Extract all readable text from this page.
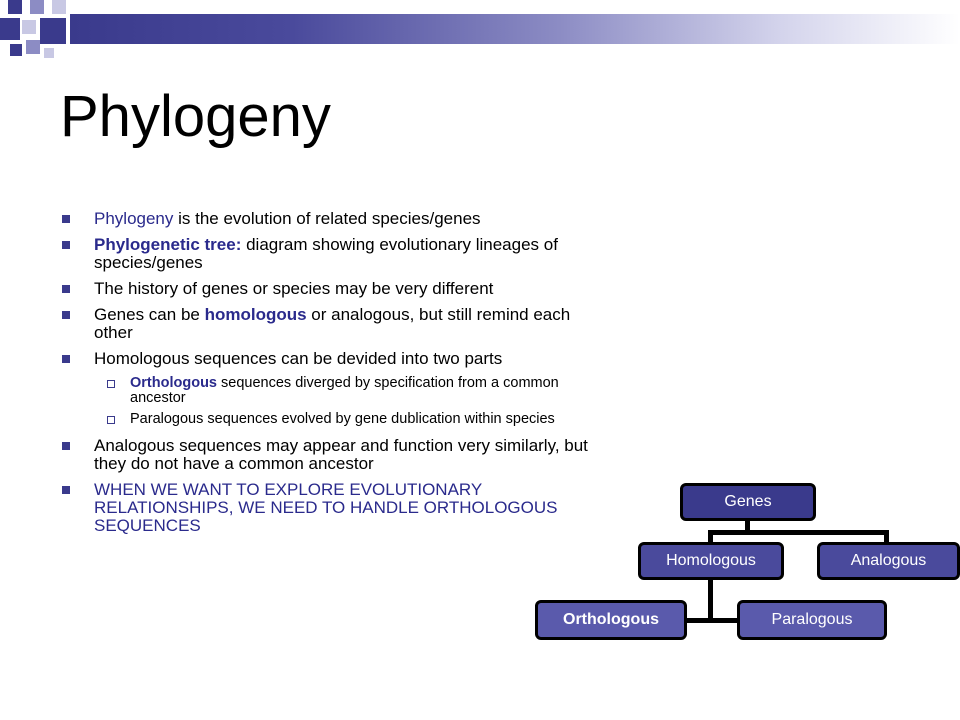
Phylogeny
Phylogeny is the evolution of related species/genes
Phylogenetic tree: diagram showing evolutionary lineages of species/genes
The history of genes or species may be very different
Genes can be homologous or analogous, but still remind each other
Homologous sequences can be devided into two parts
Orthologous sequences diverged by specification from a common ancestor
Paralogous sequences evolved by gene dublication within species
Analogous sequences may appear and function very similarly, but they do not have a common ancestor
WHEN WE WANT TO EXPLORE EVOLUTIONARY RELATIONSHIPS, WE NEED TO HANDLE ORTHOLOGOUS SEQUENCES
Genes
Homologous	Analogous
Orthologous	Paralogous
